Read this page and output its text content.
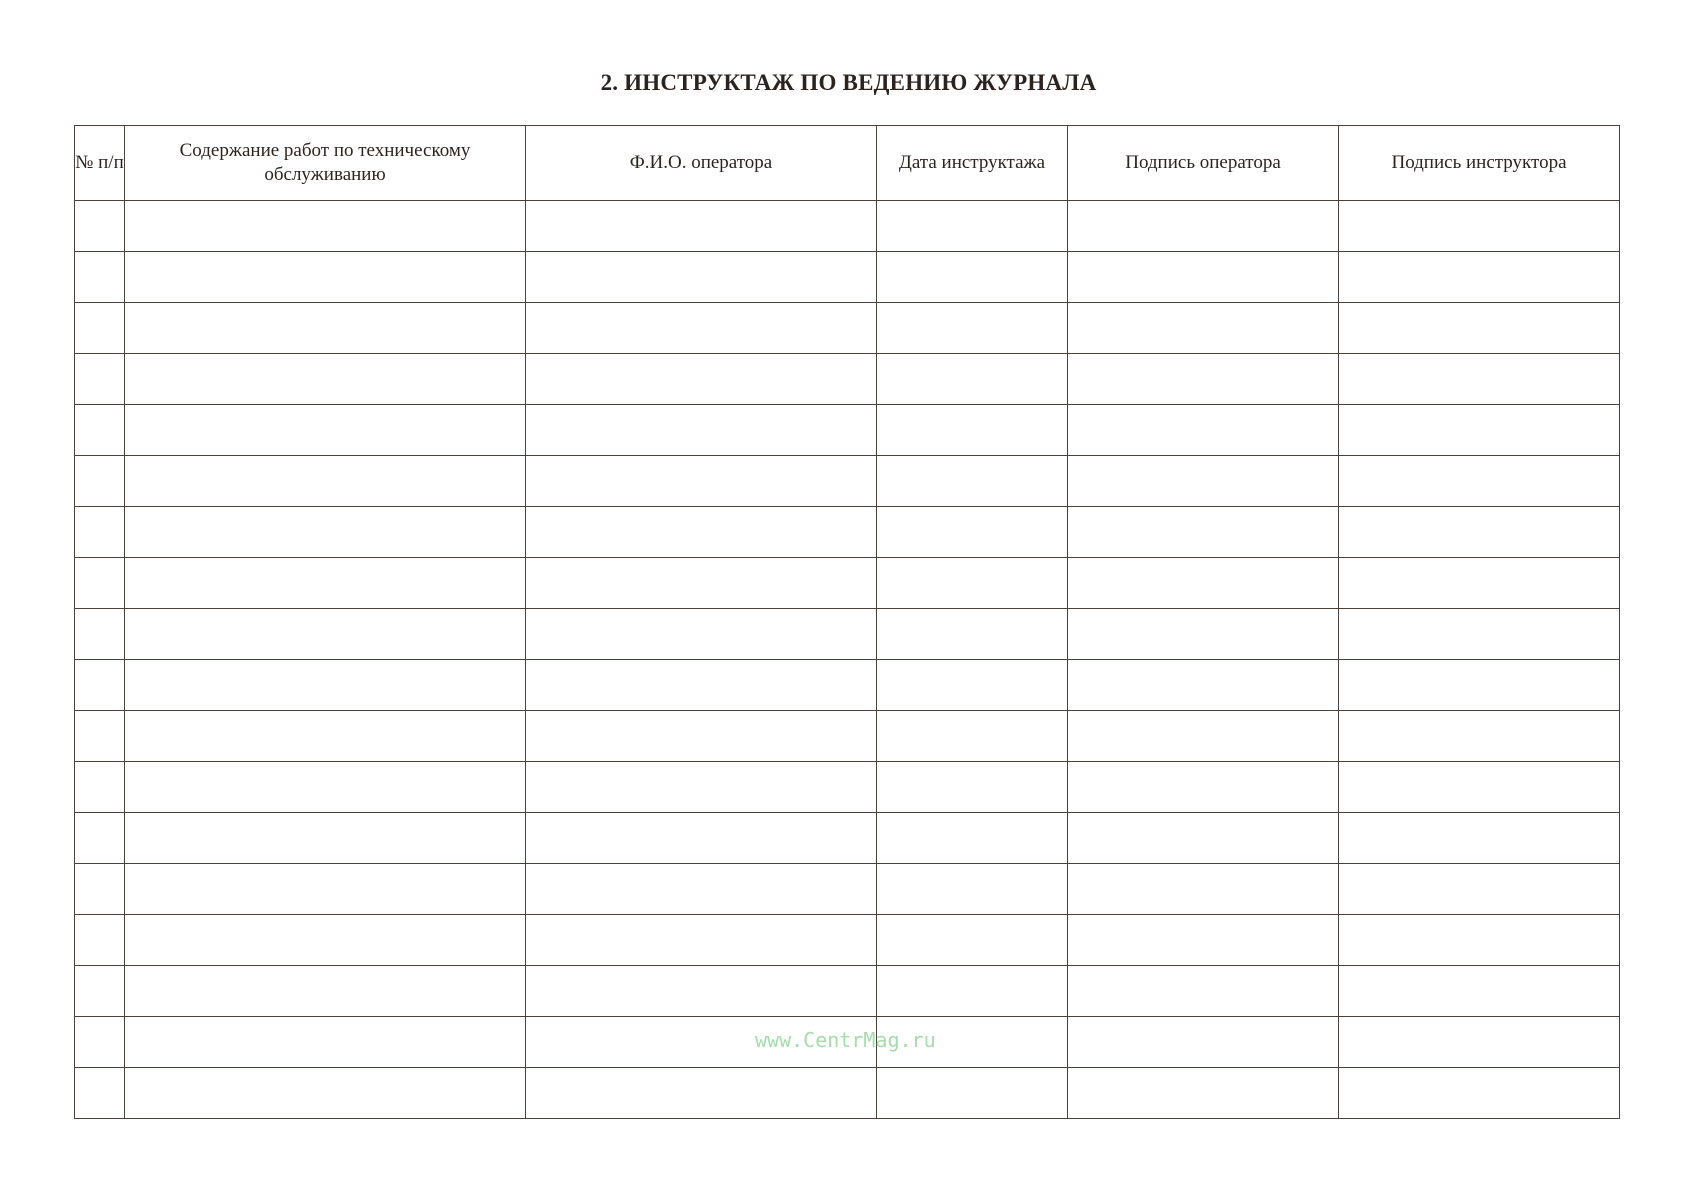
2. ИНСТРУКТАЖ ПО ВЕДЕНИЮ ЖУРНАЛА
№ п/п	Содержание работ по техническому обслуживанию	Ф.И.О. оператора	Дата инструктажа	Подпись оператора	Подпись инструктора

www.CentrMag.ru
